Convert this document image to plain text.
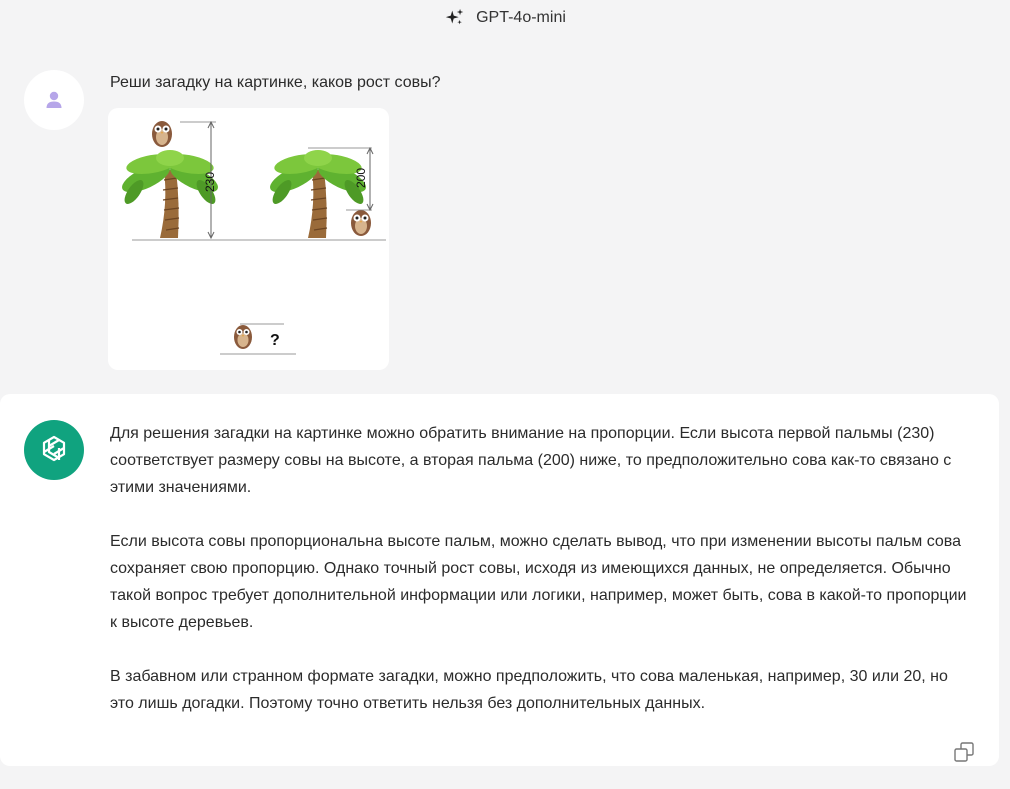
GPT-4o-mini
Реши загадку на картинке, каков рост совы?
230	200
?

Для решения загадки на картинке можно обратить внимание на пропорции. Если высота первой пальмы (230) соответствует размеру совы на высоте, а вторая пальма (200) ниже, то предположительно сова как-то связано с этими значениями.

Если высота совы пропорциональна высоте пальм, можно сделать вывод, что при изменении высоты пальм сова сохраняет свою пропорцию. Однако точный рост совы, исходя из имеющихся данных, не определяется. Обычно такой вопрос требует дополнительной информации или логики, например, может быть, сова в какой-то пропорции к высоте деревьев.

В забавном или странном формате загадки, можно предположить, что сова маленькая, например, 30 или 20, но это лишь догадки. Поэтому точно ответить нельзя без дополнительных данных.
